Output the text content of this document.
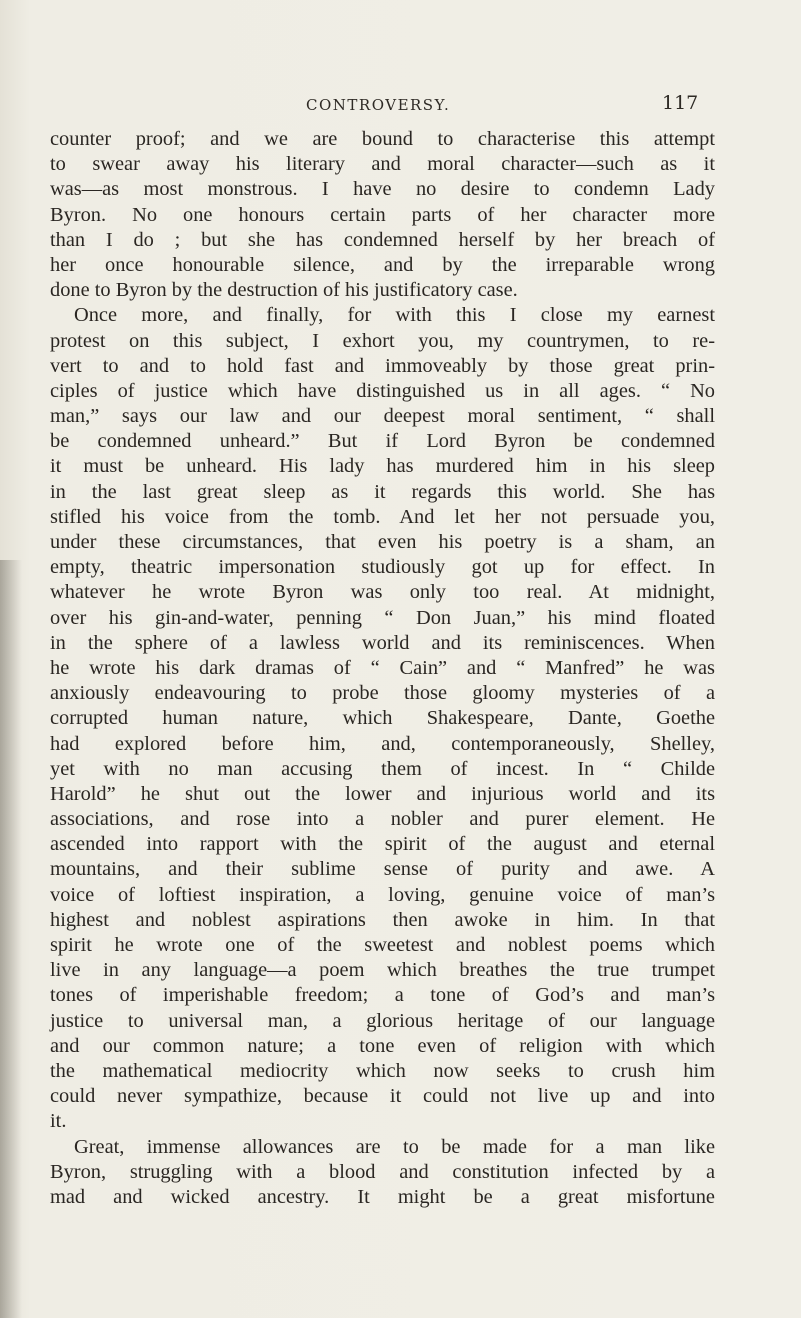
CONTROVERSY.	117
counter proof; and we are bound to characterise this attempt
to swear away his literary and moral character—such as it
was—as most monstrous. I have no desire to condemn Lady
Byron. No one honours certain parts of her character more
than I do ; but she has condemned herself by her breach of
her once honourable silence, and by the irreparable wrong
done to Byron by the destruction of his justificatory case.
Once more, and finally, for with this I close my earnest
protest on this subject, I exhort you, my countrymen, to re-
vert to and to hold fast and immoveably by those great prin-
ciples of justice which have distinguished us in all ages. “ No
man,” says our law and our deepest moral sentiment, “ shall
be condemned unheard.” But if Lord Byron be condemned
it must be unheard. His lady has murdered him in his sleep
in the last great sleep as it regards this world. She has
stifled his voice from the tomb. And let her not persuade you,
under these circumstances, that even his poetry is a sham, an
empty, theatric impersonation studiously got up for effect. In
whatever he wrote Byron was only too real. At midnight,
over his gin-and-water, penning “ Don Juan,” his mind floated
in the sphere of a lawless world and its reminiscences. When
he wrote his dark dramas of “ Cain” and “ Manfred” he was
anxiously endeavouring to probe those gloomy mysteries of a
corrupted human nature, which Shakespeare, Dante, Goethe
had explored before him, and, contemporaneously, Shelley,
yet with no man accusing them of incest. In “ Childe
Harold” he shut out the lower and injurious world and its
associations, and rose into a nobler and purer element. He
ascended into rapport with the spirit of the august and eternal
mountains, and their sublime sense of purity and awe. A
voice of loftiest inspiration, a loving, genuine voice of man’s
highest and noblest aspirations then awoke in him. In that
spirit he wrote one of the sweetest and noblest poems which
live in any language—a poem which breathes the true trumpet
tones of imperishable freedom; a tone of God’s and man’s
justice to universal man, a glorious heritage of our language
and our common nature; a tone even of religion with which
the mathematical mediocrity which now seeks to crush him
could never sympathize, because it could not live up and into
it.
Great, immense allowances are to be made for a man like
Byron, struggling with a blood and constitution infected by a
mad and wicked ancestry. It might be a great misfortune
